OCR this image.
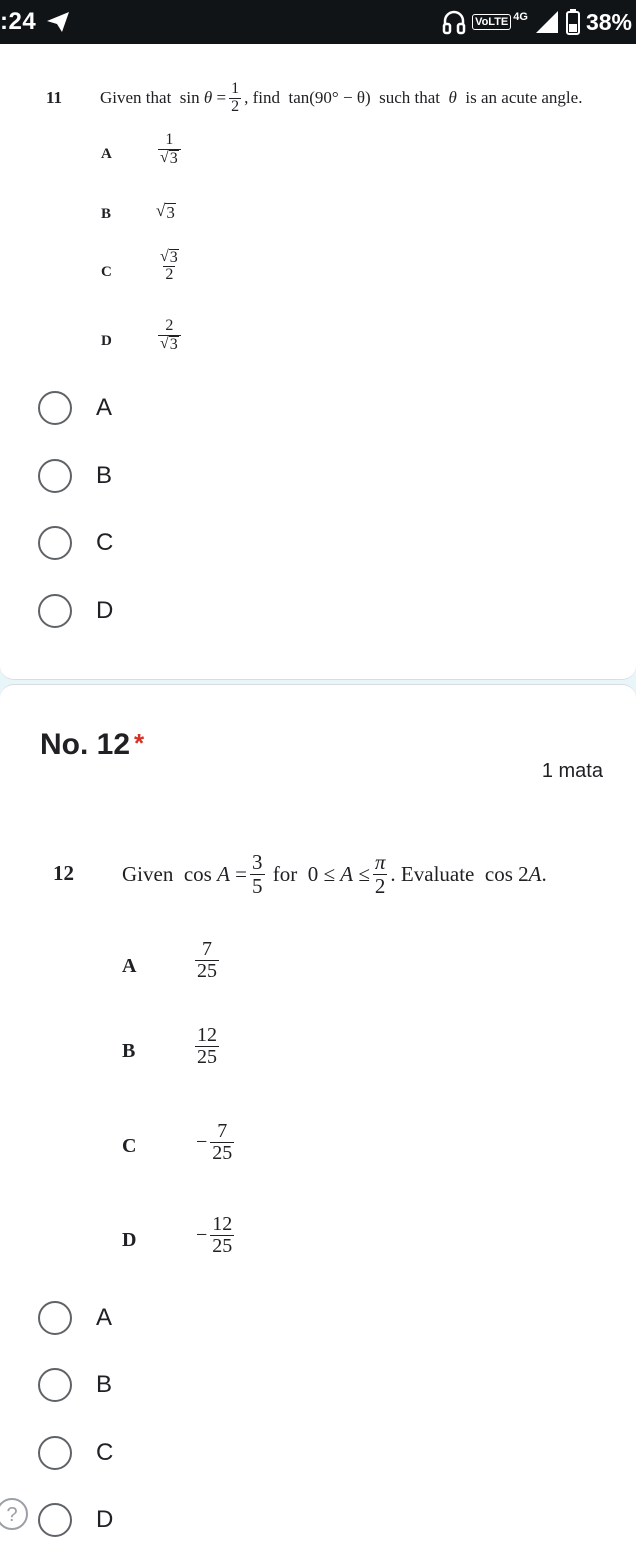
:24	VoLTE 4G	38%
11 Given that
sin
θ
= $\frac{1}{2}$ , find
tan (90° − θ)
such that
θ
is an acute angle.
A	$\frac{1}{√ 3}$
B	√ 3
C	$\frac{√ 3}{2}$
D	$\frac{2}{√ 3}$
A
B
C
D
No. 12 *
1 mata
12 Given
cos
$A = \frac{3}{5}$
for
0 ≤
A
≤ $\frac{\pi}{2}$ . Evaluate
cos 2 A .
A	$\frac{7}{25}$
B	$\frac{12}{25}$
C	− $\frac{7}{25}$
D	− $\frac{12}{25}$
A
B
C
D
?
